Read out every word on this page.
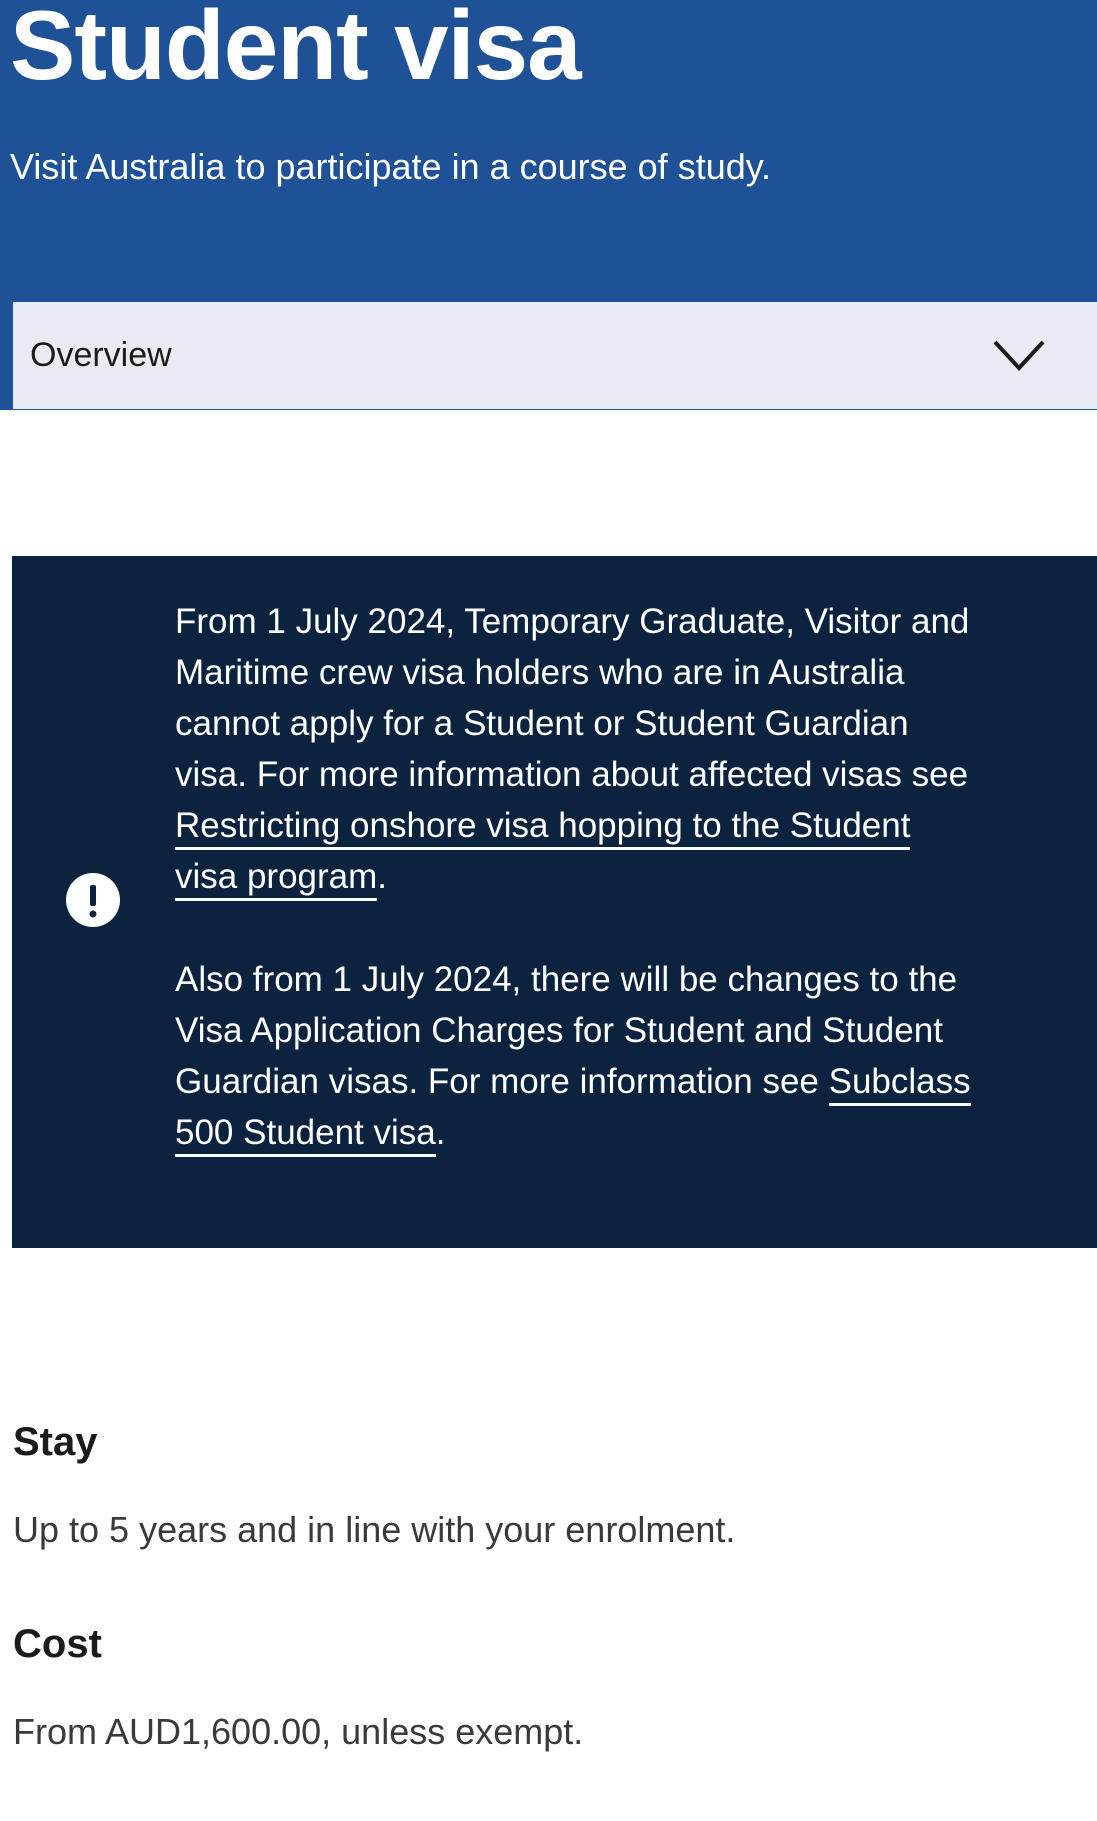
Student visa
Visit Australia to participate in a course of study.
Overview

From 1 July 2024, Temporary Graduate, Visitor and Maritime crew visa holders who are in Australia cannot apply for a Student or Student Guardian visa. For more information about affected visas see Restricting onshore visa hopping to the Student visa program.

Also from 1 July 2024, there will be changes to the Visa Application Charges for Student and Student Guardian visas. For more information see Subclass 500 Student visa.

Stay

Up to 5 years and in line with your enrolment.

Cost

From AUD1,600.00, unless exempt.
